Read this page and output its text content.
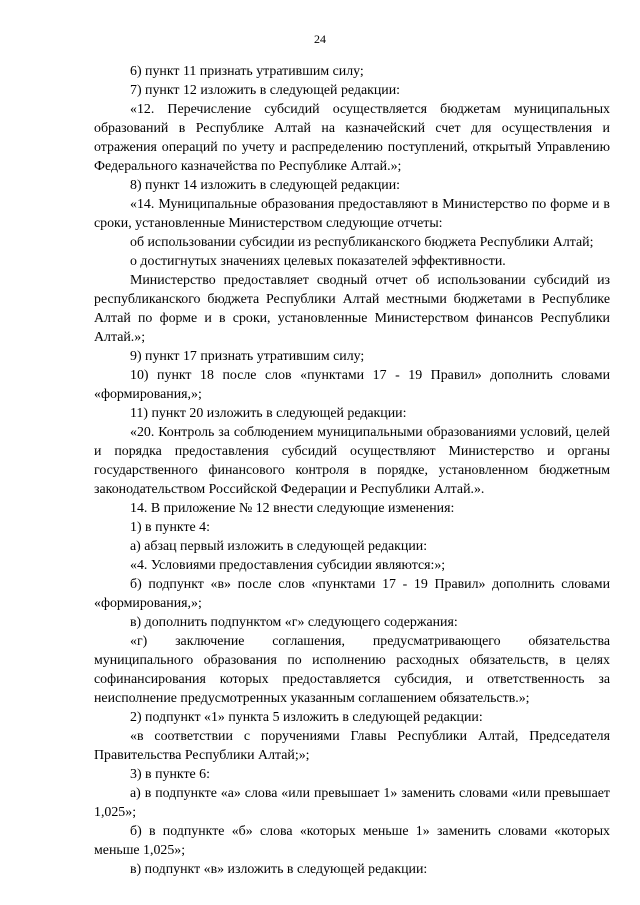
24

6) пункт 11 признать утратившим силу;

7) пункт 12 изложить в следующей редакции:

«12. Перечисление субсидий осуществляется бюджетам муниципальных образований в Республике Алтай на казначейский счет для осуществления и отражения операций по учету и распределению поступлений, открытый Управлению Федерального казначейства по Республике Алтай.»;

8) пункт 14 изложить в следующей редакции:

«14. Муниципальные образования предоставляют в Министерство по форме и в сроки, установленные Министерством следующие отчеты:

об использовании субсидии из республиканского бюджета Республики Алтай;

о достигнутых значениях целевых показателей эффективности.

Министерство предоставляет сводный отчет об использовании субсидий из республиканского бюджета Республики Алтай местными бюджетами в Республике Алтай по форме и в сроки, установленные Министерством финансов Республики Алтай.»;

9) пункт 17 признать утратившим силу;

10) пункт 18 после слов «пунктами 17 - 19 Правил» дополнить словами «формирования,»;

11) пункт 20 изложить в следующей редакции:

«20. Контроль за соблюдением муниципальными образованиями условий, целей и порядка предоставления субсидий осуществляют Министерство и органы государственного финансового контроля в порядке, установленном бюджетным законодательством Российской Федерации и Республики Алтай.».

14. В приложение № 12 внести следующие изменения:

1) в пункте 4:

а) абзац первый изложить в следующей редакции:

«4. Условиями предоставления субсидии являются:»;

б) подпункт «в» после слов «пунктами 17 - 19 Правил» дополнить словами «формирования,»;

в) дополнить подпунктом «г» следующего содержания:

«г) заключение соглашения, предусматривающего обязательства муниципального образования по исполнению расходных обязательств, в целях софинансирования которых предоставляется субсидия, и ответственность за неисполнение предусмотренных указанным соглашением обязательств.»;

2) подпункт «1» пункта 5 изложить в следующей редакции:

«в соответствии с поручениями Главы Республики Алтай, Председателя Правительства Республики Алтай;»;

3) в пункте 6:

а) в подпункте «а» слова «или превышает 1» заменить словами «или превышает 1,025»;

б) в подпункте «б» слова «которых меньше 1» заменить словами «которых меньше 1,025»;

в) подпункт «в» изложить в следующей редакции:
